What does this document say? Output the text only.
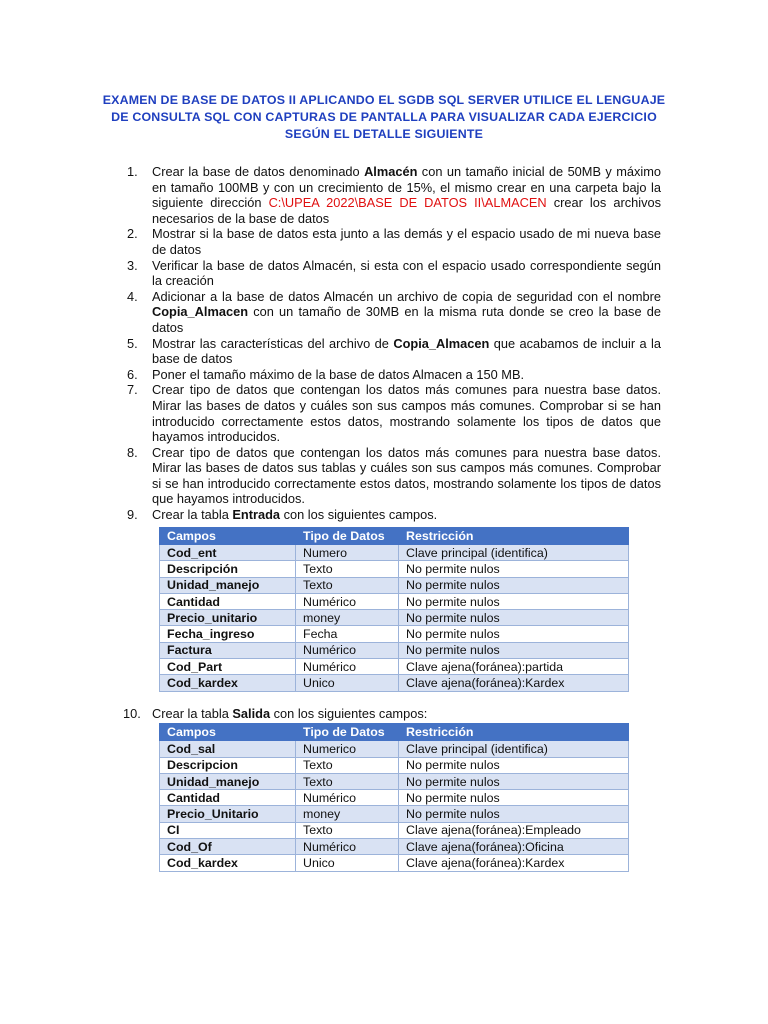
EXAMEN DE BASE DE DATOS II APLICANDO EL SGDB SQL SERVER UTILICE EL LENGUAJE DE CONSULTA SQL CON CAPTURAS DE PANTALLA PARA VISUALIZAR CADA EJERCICIO SEGÚN EL DETALLE SIGUIENTE
1. Crear la base de datos denominado Almacén con un tamaño inicial de 50MB y máximo en tamaño 100MB y con un crecimiento de 15%, el mismo crear en una carpeta bajo la siguiente dirección C:\UPEA 2022\BASE DE DATOS II\ALMACEN crear los archivos necesarios de la base de datos
2. Mostrar si la base de datos esta junto a las demás y el espacio usado de mi nueva base de datos
3. Verificar la base de datos Almacén, si esta con el espacio usado correspondiente según la creación
4. Adicionar a la base de datos Almacén un archivo de copia de seguridad con el nombre Copia_Almacen con un tamaño de 30MB en la misma ruta donde se creo la base de datos
5. Mostrar las características del archivo de Copia_Almacen que acabamos de incluir a la base de datos
6. Poner el tamaño máximo de la base de datos Almacen a 150 MB.
7. Crear tipo de datos que contengan los datos más comunes para nuestra base datos. Mirar las bases de datos y cuáles son sus campos más comunes. Comprobar si se han introducido correctamente estos datos, mostrando solamente los tipos de datos que hayamos introducidos.
8. Crear tipo de datos que contengan los datos más comunes para nuestra base datos. Mirar las bases de datos sus tablas y cuáles son sus campos más comunes. Comprobar si se han introducido correctamente estos datos, mostrando solamente los tipos de datos que hayamos introducidos.
9. Crear la tabla Entrada con los siguientes campos.
Campos	Tipo de Datos	Restricción
Cod_ent	Numero	Clave principal (identifica)
Descripción	Texto	No permite nulos
Unidad_manejo	Texto	No permite nulos
Cantidad	Numérico	No permite nulos
Precio_unitario	money	No permite nulos
Fecha_ingreso	Fecha	No permite nulos
Factura	Numérico	No permite nulos
Cod_Part	Numérico	Clave ajena(foránea):partida
Cod_kardex	Unico	Clave ajena(foránea):Kardex
10. Crear la tabla Salida con los siguientes campos:
Campos	Tipo de Datos	Restricción
Cod_sal	Numerico	Clave principal (identifica)
Descripcion	Texto	No permite nulos
Unidad_manejo	Texto	No permite nulos
Cantidad	Numérico	No permite nulos
Precio_Unitario	money	No permite nulos
CI	Texto	Clave ajena(foránea):Empleado
Cod_Of	Numérico	Clave ajena(foránea):Oficina
Cod_kardex	Unico	Clave ajena(foránea):Kardex
